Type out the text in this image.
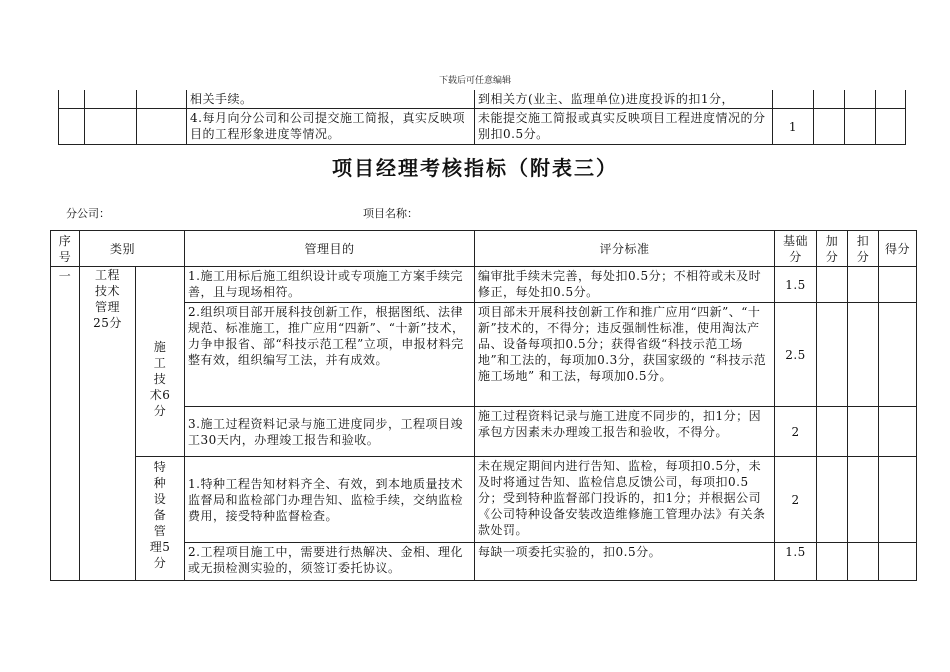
下载后可任意编辑
			相关手续。	到相关方(业主、监理单位)进度投诉的扣1分，				
			4.每月向分公司和公司提交施工简报，真实反映项目的工程形象进度等情况。	未能提交施工简报或真实反映项目工程进度情况的分别扣0.5分。	1			
项目经理考核指标（附表三）
分公司：	项目名称：
序号	类别		管理目的	评分标准	基础分	加分	扣分	得分
一	工程技术管理25分		1.施工用标后施工组织设计或专项施工方案手续完善，且与现场相符。	编审批手续未完善，每处扣0.5分；不相符或未及时修正，每处扣0.5分。	1.5			
		施工技术6分	2.组织项目部开展科技创新工作，根据图纸、法律规范、标准施工，推广应用“四新”、“十新”技术，力争申报省、部“科技示范工程”立项，申报材料完整有效，组织编写工法，并有成效。	项目部未开展科技创新工作和推广应用“四新”、“十新”技术的，不得分；违反强制性标准，使用淘汰产品、设备每项扣0.5分；获得省级“科技示范工场地”和工法的，每项加0.3分，获国家级的 “科技示范施工场地” 和工法，每项加0.5分。	2.5			
			3.施工过程资料记录与施工进度同步，工程项目竣工30天内，办理竣工报告和验收。	施工过程资料记录与施工进度不同步的，扣1分；因承包方因素未办理竣工报告和验收，不得分。	2			
		特种设备管理5分	1.特种工程告知材料齐全、有效，到本地质量技术监督局和监检部门办理告知、监检手续，交纳监检费用，接受特种监督检查。	未在规定期间内进行告知、监检，每项扣0.5分，未及时将通过告知、监检信息反馈公司，每项扣0.5分；受到特种监督部门投诉的，扣1分；并根据公司《公司特种设备安装改造维修施工管理办法》有关条款处罚。	2			
			2.工程项目施工中，需要进行热解决、金相、理化或无损检测实验的，须签订委托协议。	每缺一项委托实验的，扣0.5分。	1.5			
